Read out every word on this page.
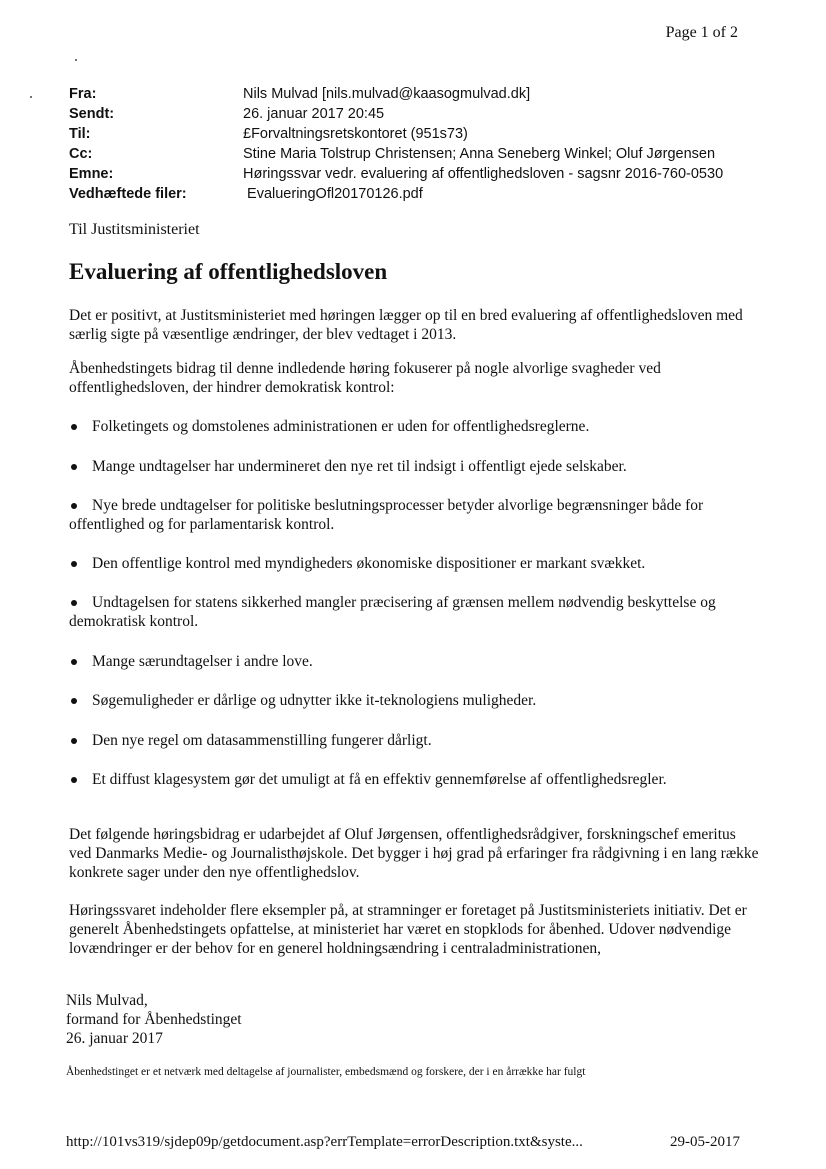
Page 1 of 2
Fra:	Nils Mulvad [nils.mulvad@kaasogmulvad.dk]
Sendt:	26. januar 2017 20:45
Til:	£Forvaltningsretskontoret (951s73)
Cc:	Stine Maria Tolstrup Christensen; Anna Seneberg Winkel; Oluf Jørgensen
Emne:	Høringssvar vedr. evaluering af offentlighedsloven - sagsnr 2016-760-0530
Vedhæftede filer:	EvalueringOfl20170126.pdf
Til Justitsministeriet
Evaluering af offentlighedsloven

Det er positivt, at Justitsministeriet med høringen lægger op til en bred evaluering af offentlighedsloven med særlig sigte på væsentlige ændringer, der blev vedtaget i 2013.

Åbenhedstingets bidrag til denne indledende høring fokuserer på nogle alvorlige svagheder ved offentlighedsloven, der hindrer demokratisk kontrol:

Folketingets og domstolenes administrationen er uden for offentlighedsreglerne.
Mange undtagelser har undermineret den nye ret til indsigt i offentligt ejede selskaber.
Nye brede undtagelser for politiske beslutningsprocesser betyder alvorlige begrænsninger både for offentlighed og for parlamentarisk kontrol.
Den offentlige kontrol med myndigheders økonomiske dispositioner er markant svækket.
Undtagelsen for statens sikkerhed mangler præcisering af grænsen mellem nødvendig beskyttelse og demokratisk kontrol.
Mange særundtagelser i andre love.
Søgemuligheder er dårlige og udnytter ikke it-teknologiens muligheder.
Den nye regel om datasammenstilling fungerer dårligt.
Et diffust klagesystem gør det umuligt at få en effektiv gennemførelse af offentlighedsregler.

Det følgende høringsbidrag er udarbejdet af Oluf Jørgensen, offentlighedsrådgiver, forskningschef emeritus ved Danmarks Medie- og Journalisthøjskole. Det bygger i høj grad på erfaringer fra rådgivning i en lang række konkrete sager under den nye offentlighedslov.

Høringssvaret indeholder flere eksempler på, at stramninger er foretaget på Justitsministeriets initiativ. Det er generelt Åbenhedstingets opfattelse, at ministeriet har været en stopklods for åbenhed. Udover nødvendige lovændringer er der behov for en generel holdningsændring i centraladministrationen,

Nils Mulvad,
formand for Åbenhedstinget
26. januar 2017
Åbenhedstinget er et netværk med deltagelse af journalister, embedsmænd og forskere, der i en årrække har fulgt
http://101vs319/sjdep09p/getdocument.asp?errTemplate=errorDescription.txt&syste...	29-05-2017
